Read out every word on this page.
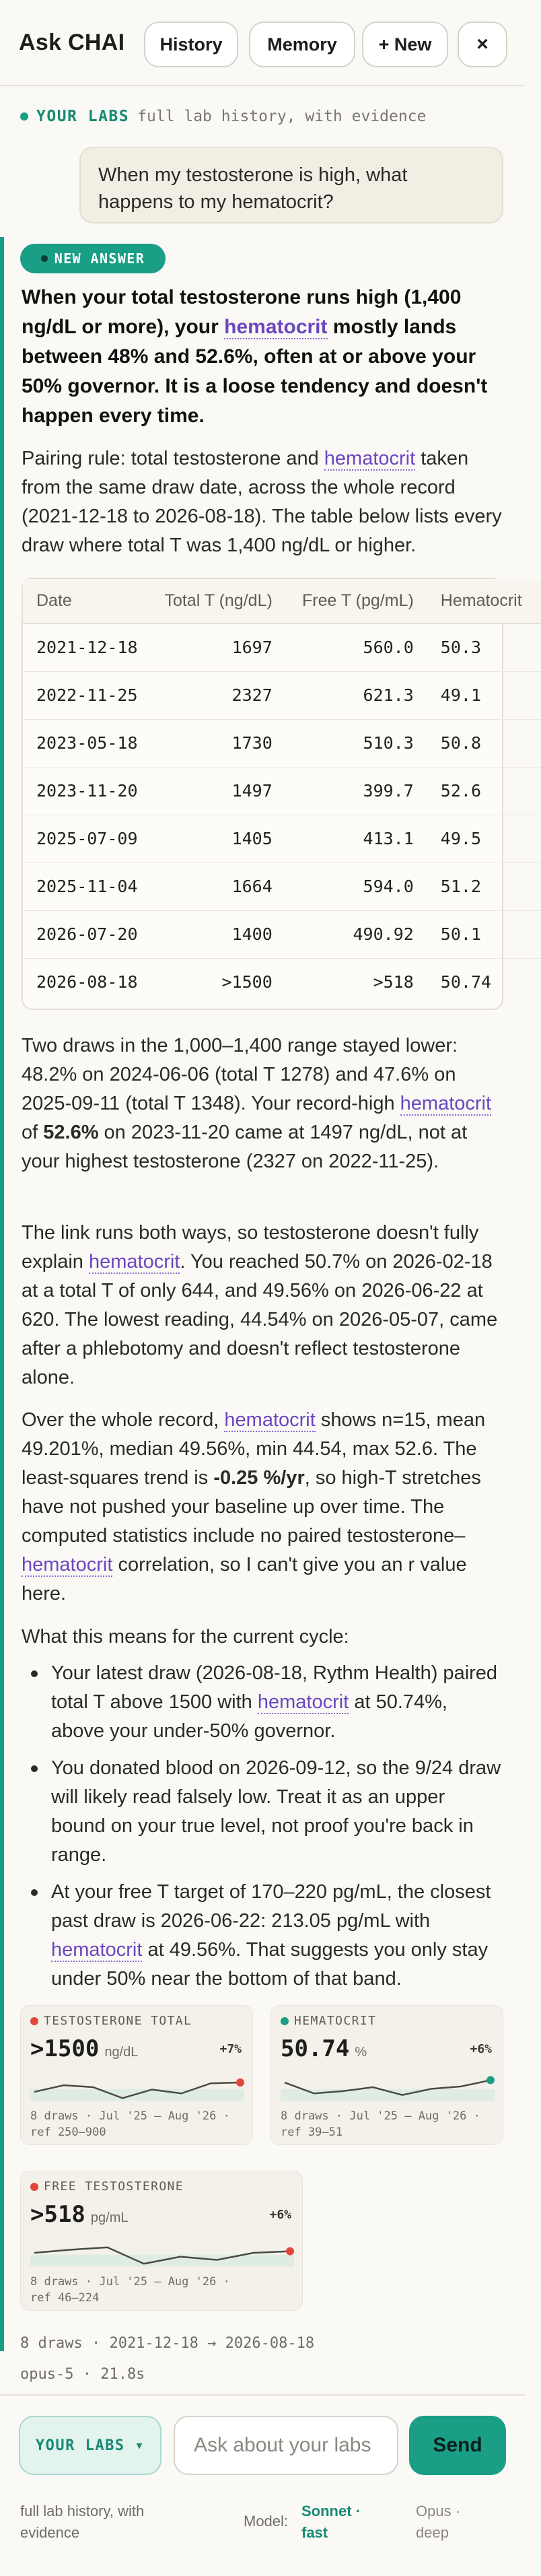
Ask CHAI	History	Memory	+ New	×
YOUR LABS full lab history, with evidence
When my testosterone is high, what happens to my hematocrit?
NEW ANSWER
When your total testosterone runs high (1,400 ng/dL or more), your hematocrit mostly lands between 48% and 52.6%, often at or above your 50% governor. It is a loose tendency and doesn't happen every time.
Pairing rule: total testosterone and hematocrit taken from the same draw date, across the whole record (2021-12-18 to 2026-08-18). The table below lists every draw where total T was 1,400 ng/dL or higher.
Date	Total T (ng/dL)	Free T (pg/mL)	Hematocrit
2021-12-18	1697	560.0	50.3
2022-11-25	2327	621.3	49.1
2023-05-18	1730	510.3	50.8
2023-11-20	1497	399.7	52.6
2025-07-09	1405	413.1	49.5
2025-11-04	1664	594.0	51.2
2026-07-20	1400	490.92	50.1
2026-08-18	>1500	>518	50.74
Two draws in the 1,000–1,400 range stayed lower: 48.2% on 2024-06-06 (total T 1278) and 47.6% on 2025-09-11 (total T 1348). Your record-high hematocrit of 52.6% on 2023-11-20 came at 1497 ng/dL, not at your highest testosterone (2327 on 2022-11-25).
The link runs both ways, so testosterone doesn't fully explain hematocrit. You reached 50.7% on 2026-02-18 at a total T of only 644, and 49.56% on 2026-06-22 at 620. The lowest reading, 44.54% on 2026-05-07, came after a phlebotomy and doesn't reflect testosterone alone.
Over the whole record, hematocrit shows n=15, mean 49.201%, median 49.56%, min 44.54, max 52.6. The least-squares trend is -0.25 %/yr, so high-T stretches have not pushed your baseline up over time. The computed statistics include no paired testosterone–hematocrit correlation, so I can't give you an r value here.
What this means for the current cycle:
Your latest draw (2026-08-18, Rythm Health) paired total T above 1500 with hematocrit at 50.74%, above your under-50% governor.
You donated blood on 2026-09-12, so the 9/24 draw will likely read falsely low. Treat it as an upper bound on your true level, not proof you're back in range.
At your free T target of 170–220 pg/mL, the closest past draw is 2026-06-22: 213.05 pg/mL with hematocrit at 49.56%. That suggests you only stay under 50% near the bottom of that band.
TESTOSTERONE TOTAL
>1500 ng/dL	+7%
8 draws · Jul '25 – Aug '26 · ref 250–900
HEMATOCRIT
50.74 %	+6%
8 draws · Jul '25 – Aug '26 · ref 39–51
FREE TESTOSTERONE
>518 pg/mL	+6%
8 draws · Jul '25 – Aug '26 · ref 46–224
8 draws · 2021-12-18 → 2026-08-18
opus-5 · 21.8s
YOUR LABS ▾
Ask about your labs	Send
full lab history, with evidence
Model:
Sonnet · fast
Opus · deep
